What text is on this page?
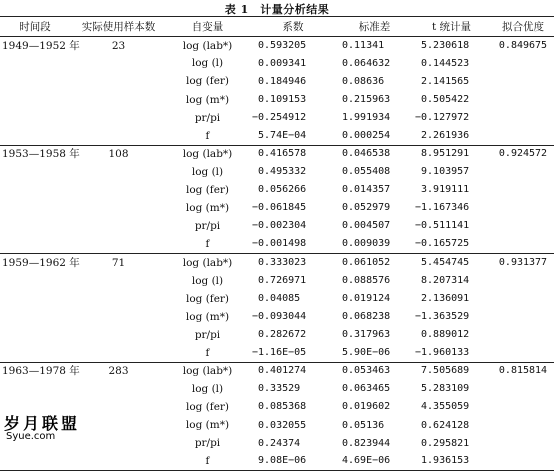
表 1　计量分析结果
时间段	实际使用样本数	自变量	系数	标准差	t 统计量	拟合优度
1949—1952 年	23	log (lab*)	0.593205	0.11341	5.230618	0.849675
		log (l)	0.009341	0.064632	0.144523	
		log (fer)	0.184946	0.08636	2.141565	
		log (m*)	0.109153	0.215963	0.505422	
		pr/pi	−0.254912	1.991934	−0.127972	
		f	5.74E−04	0.000254	2.261936	
1953—1958 年	108	log (lab*)	0.416578	0.046538	8.951291	0.924572
		log (l)	0.495332	0.055408	9.103957	
		log (fer)	0.056266	0.014357	3.919111	
		log (m*)	−0.061845	0.052979	−1.167346	
		pr/pi	−0.002304	0.004507	−0.511141	
		f	−0.001498	0.009039	−0.165725	
1959—1962 年	71	log (lab*)	0.333023	0.061052	5.454745	0.931377
		log (l)	0.726971	0.088576	8.207314	
		log (fer)	0.04085	0.019124	2.136091	
		log (m*)	−0.093044	0.068238	−1.363529	
		pr/pi	0.282672	0.317963	0.889012	
		f	−1.16E−05	5.90E−06	−1.960133	
1963—1978 年	283	log (lab*)	0.401274	0.053463	7.505689	0.815814
		log (l)	0.33529	0.063465	5.283109	
		log (fer)	0.085368	0.019602	4.355059	
		log (m*)	0.032055	0.05136	0.624128	
		pr/pi	0.24374	0.823944	0.295821	
		f	9.08E−06	4.69E−06	1.936153	
岁月联盟
Syue.com
